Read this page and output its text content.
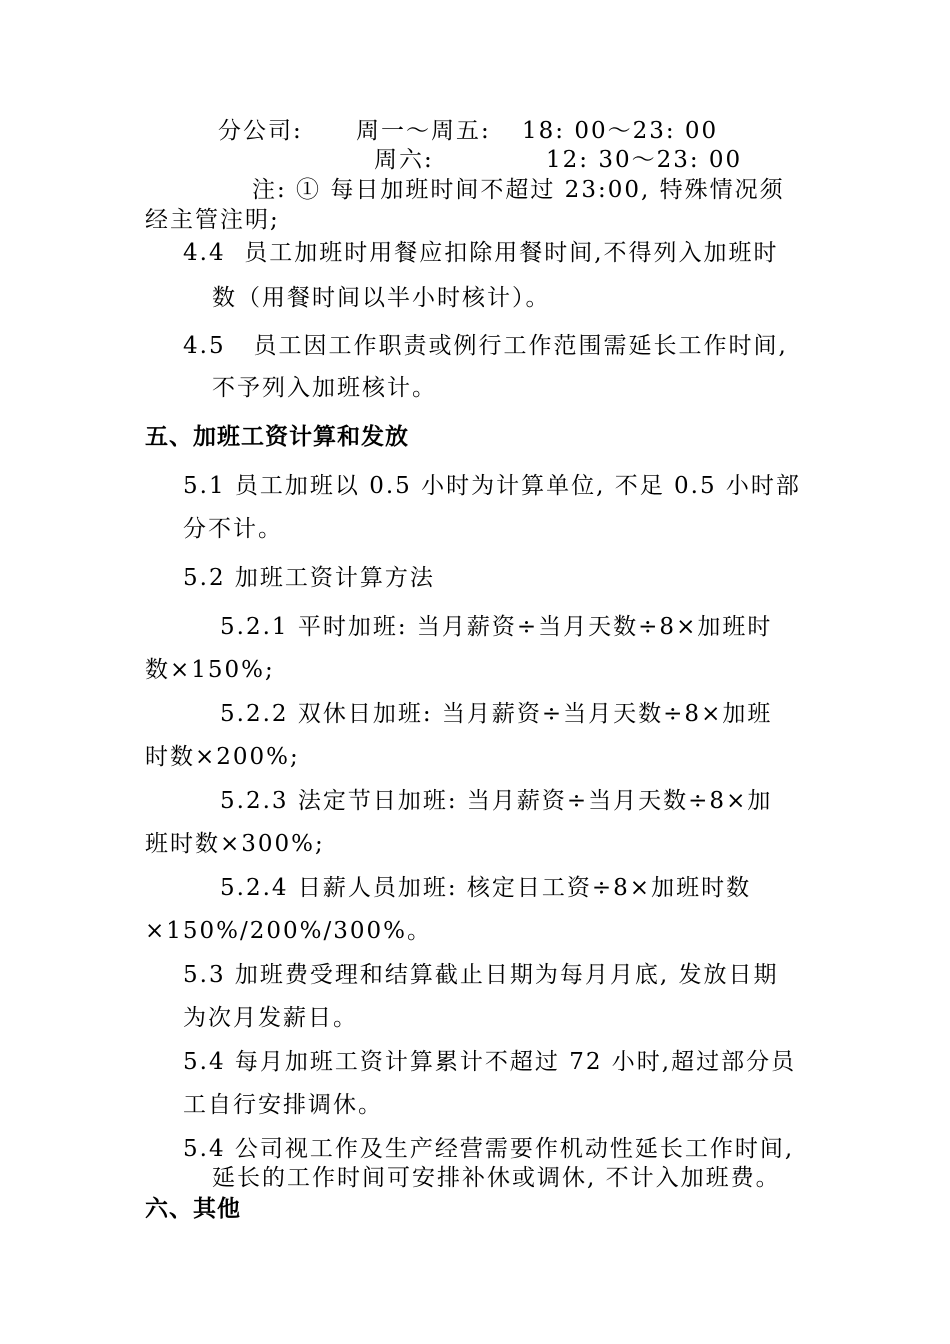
分公司: 周一～周五: 18: 00～23: 00
周六:	12: 30～23: 00
注: ① 每日加班时间不超过 23:00, 特殊情况须
经主管注明;
4.4  员工加班时用餐应扣除用餐时间,不得列入加班时
数（用餐时间以半小时核计）。
4.5   员工因工作职责或例行工作范围需延长工作时间,
不予列入加班核计。
五、加班工资计算和发放
5.1 员工加班以 0.5 小时为计算单位, 不足 0.5 小时部
分不计。
5.2 加班工资计算方法
5.2.1 平时加班: 当月薪资÷当月天数÷8×加班时
数×150%;
5.2.2 双休日加班: 当月薪资÷当月天数÷8×加班
时数×200%;
5.2.3 法定节日加班: 当月薪资÷当月天数÷8×加
班时数×300%;
5.2.4 日薪人员加班: 核定日工资÷8×加班时数
×150%/200%/300%。
5.3 加班费受理和结算截止日期为每月月底, 发放日期
为次月发薪日。
5.4 每月加班工资计算累计不超过 72 小时,超过部分员
工自行安排调休。
5.4 公司视工作及生产经营需要作机动性延长工作时间,
延长的工作时间可安排补休或调休, 不计入加班费。
六、其他
